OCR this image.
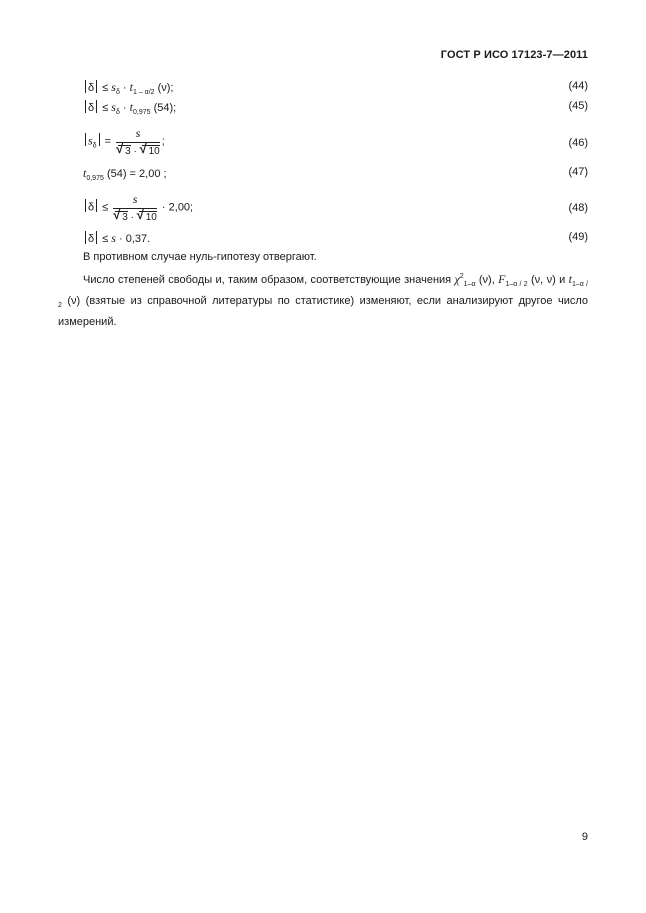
ГОСТ Р ИСО 17123-7—2011
$\delta \le s_\delta \cdot t_{1 - \alpha/2}$ (ν);	(44)
$\delta \le s_\delta \cdot t_{0,975}$ (54);	(45)
$s_\delta = s$
√ 3 · √ 10 ;	(46)
$t_{0,975}$ (54) = 2,00 ;	(47)
δ ≤ s
√ 3 · √ 10 · 2,00;	(48)
δ ≤ s · 0,37.	(49)
В противном случае нуль-гипотезу отвергают.
Число степеней свободы и, таким образом, соответствующие значения $\chi^2_{1-\alpha}$ (ν), $F_{1-\alpha / 2}$ (ν, ν) и $t_{1-\alpha / 2}$ (ν) (взятые из справочной литературы по статистике) изменяют, если анализируют другое число измерений.
9
